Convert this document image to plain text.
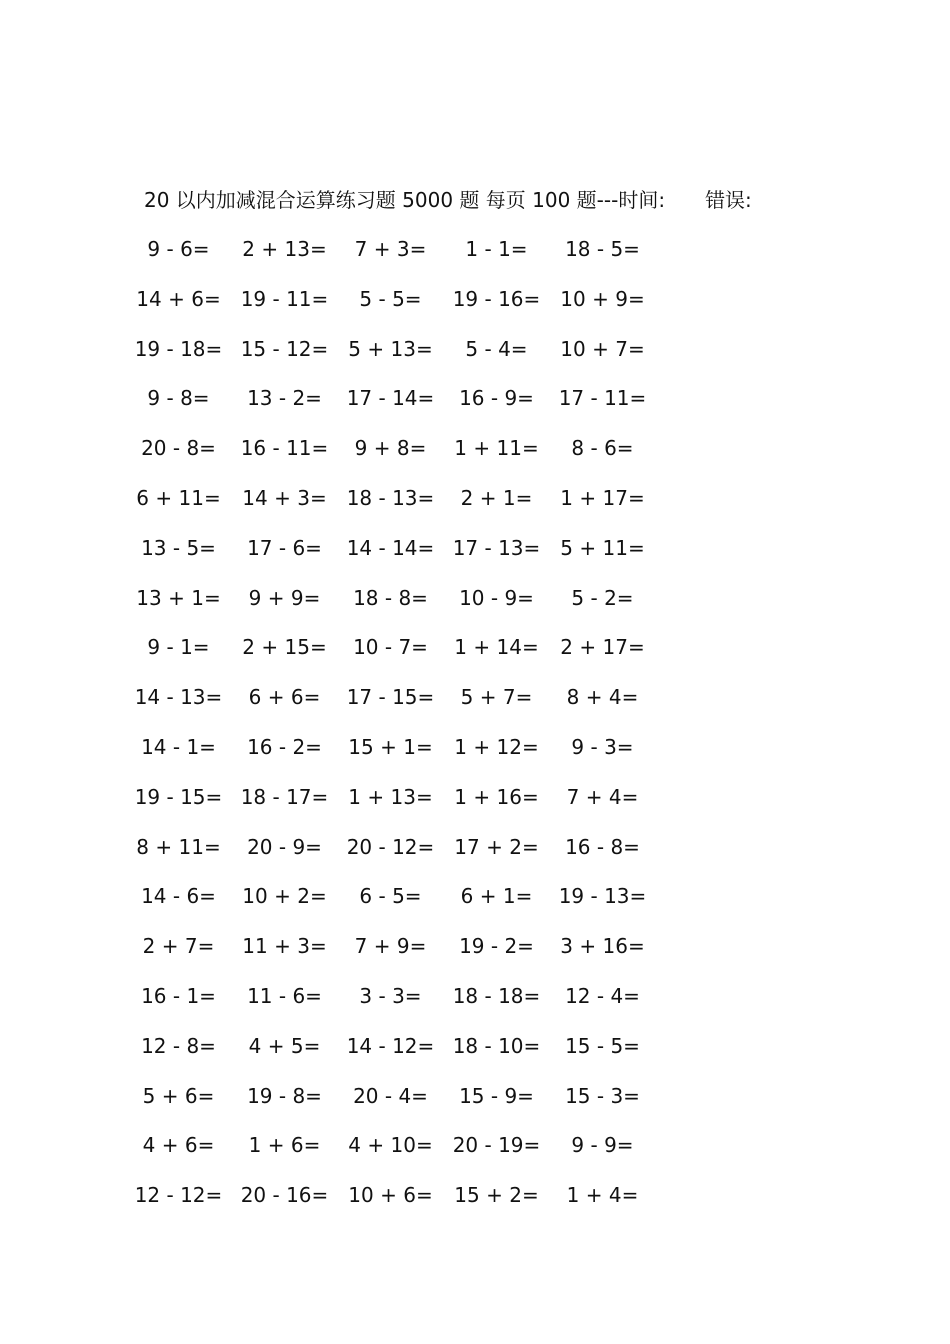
20 以内加减混合运算练习题 5000 题 每页 100 题---时间: 错误:
9 - 6=	2 + 13=	7 + 3=	1 - 1=	18 - 5=
14 + 6=	19 - 11=	5 - 5=	19 - 16=	10 + 9=
19 - 18= 15 - 12=	5 + 13=	5 - 4=	10 + 7=
9 - 8=	13 - 2=	17 - 14=	16 - 9=	17 - 11=
20 - 8=	16 - 11=	9 + 8=	1 + 11=	8 - 6=
6 + 11=	14 + 3=	18 - 13=	2 + 1=	1 + 17=
13 - 5=	17 - 6=	14 - 14= 17 - 13=	5 + 11=
13 + 1=	9 + 9=	18 - 8=	10 - 9=	5 - 2=
9 - 1=	2 + 15=	10 - 7=	1 + 14=	2 + 17=
14 - 13=	6 + 6=	17 - 15=	5 + 7=	8 + 4=
14 - 1=	16 - 2=	15 + 1=	1 + 12=	9 - 3=
19 - 15= 18 - 17=	1 + 13=	1 + 16=	7 + 4=
8 + 11=	20 - 9=	20 - 12=	17 + 2=	16 - 8=
14 - 6=	10 + 2=	6 - 5=	6 + 1=	19 - 13=
2 + 7=	11 + 3=	7 + 9=	19 - 2=	3 + 16=
16 - 1=	11 - 6=	3 - 3=	18 - 18=	12 - 4=
12 - 8=	4 + 5=	14 - 12= 18 - 10=	15 - 5=
5 + 6=	19 - 8=	20 - 4=	15 - 9=	15 - 3=
4 + 6=	1 + 6=	4 + 10=	20 - 19=	9 - 9=
12 - 12= 20 - 16=	10 + 6=	15 + 2=	1 + 4=
